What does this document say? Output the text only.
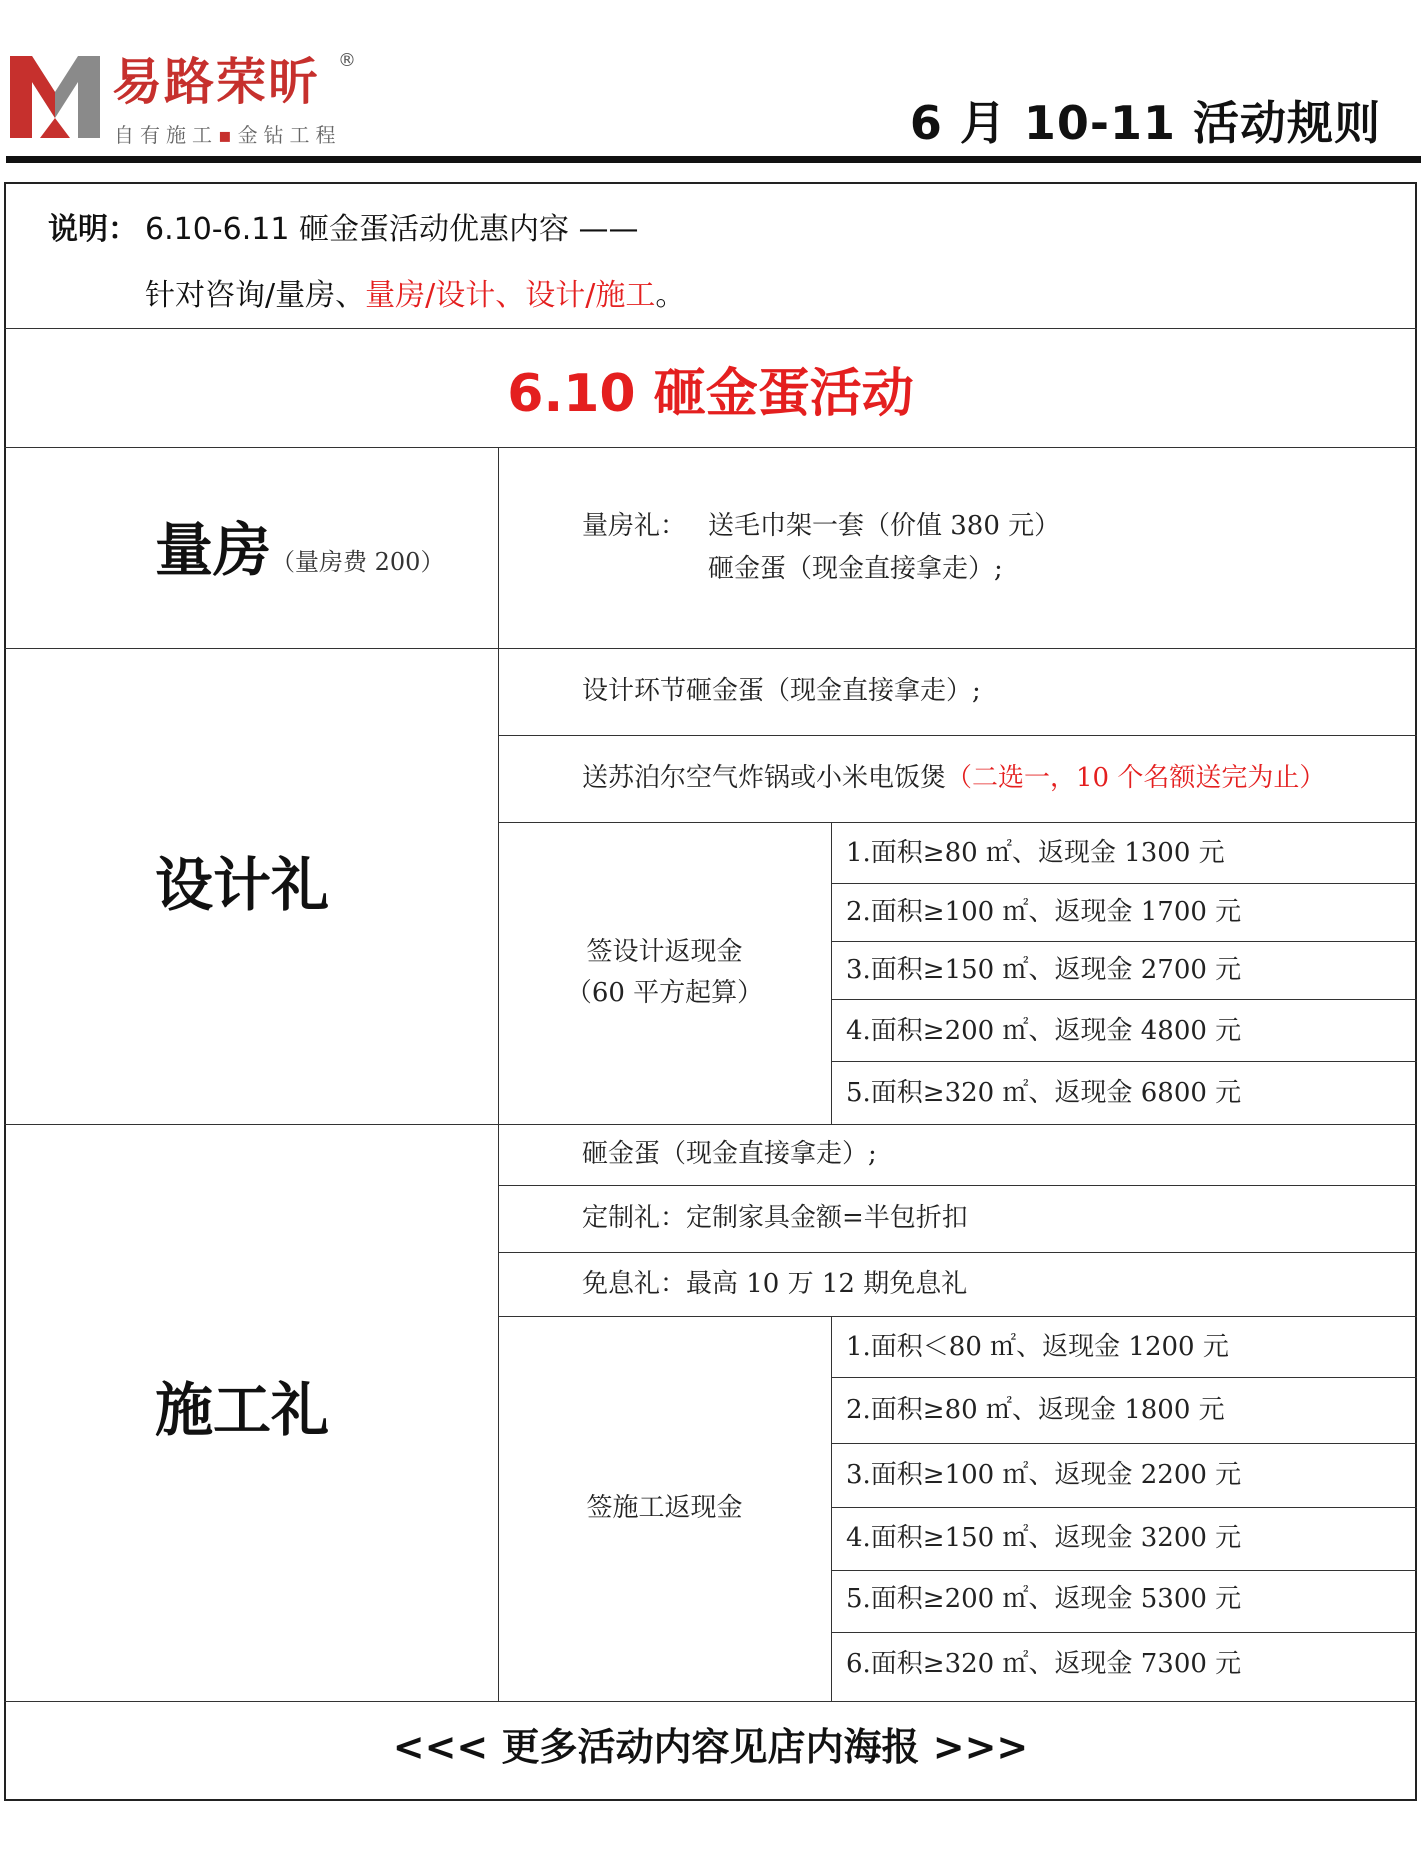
易路荣昕 ®
自有施工▪金钻工程	6 月 10-11 活动规则
说明： 6.10-6.11 砸金蛋活动优惠内容 ——
针对咨询/量房、量房/设计、设计/施工。
6.10 砸金蛋活动
量房（量房费 200）
量房礼： 送毛巾架一套（价值 380 元）
砸金蛋（现金直接拿走）;
设计礼
设计环节砸金蛋（现金直接拿走）;
送苏泊尔空气炸锅或小米电饭煲（二选一，10 个名额送完为止）
签设计返现金
（60 平方起算）
1.面积≥80 ㎡、返现金 1300 元
2.面积≥100 ㎡、返现金 1700 元
3.面积≥150 ㎡、返现金 2700 元
4.面积≥200 ㎡、返现金 4800 元
5.面积≥320 ㎡、返现金 6800 元
施工礼
砸金蛋（现金直接拿走）;
定制礼：定制家具金额=半包折扣
免息礼：最高 10 万 12 期免息礼
签施工返现金
1.面积＜80 ㎡、返现金 1200 元
2.面积≥80 ㎡、返现金 1800 元
3.面积≥100 ㎡、返现金 2200 元
4.面积≥150 ㎡、返现金 3200 元
5.面积≥200 ㎡、返现金 5300 元
6.面积≥320 ㎡、返现金 7300 元
<<< 更多活动内容见店内海报 >>>
